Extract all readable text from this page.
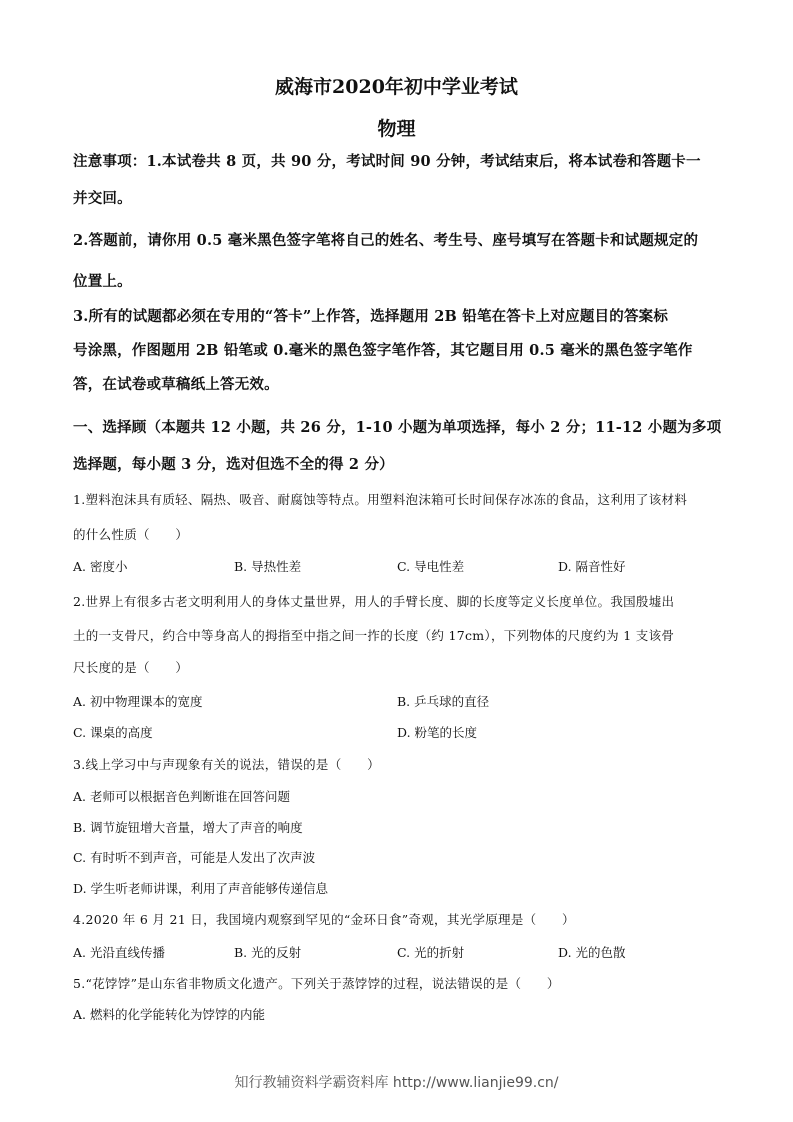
威海市2020年初中学业考试
物理
注意事项：1.本试卷共 8 页，共 90 分，考试时间 90 分钟，考试结束后，将本试卷和答题卡一
并交回。
2.答题前，请你用 0.5 毫米黑色签字笔将自己的姓名、考生号、座号填写在答题卡和试题规定的
位置上。
3.所有的试题都必须在专用的“答卡”上作答，选择题用 2B 铅笔在答卡上对应题目的答案标
号涂黑，作图题用 2B 铅笔或 0.毫米的黑色签字笔作答，其它题目用 0.5 毫米的黑色签字笔作
答，在试卷或草稿纸上答无效。
一、选择顾（本题共 12 小题，共 26 分，1-10 小题为单项选择，每小 2 分；11-12 小题为多项
选择题，每小题 3 分，选对但选不全的得 2 分）
1.塑料泡沫具有质轻、隔热、吸音、耐腐蚀等特点。用塑料泡沫箱可长时间保存冰冻的食品，这利用了该材料
的什么性质（　　）
A. 密度小	B. 导热性差	C. 导电性差	D. 隔音性好
2.世界上有很多古老文明利用人的身体丈量世界，用人的手臂长度、脚的长度等定义长度单位。我国殷墟出
土的一支骨尺，约合中等身高人的拇指至中指之间一拃的长度（约 17cm），下列物体的尺度约为 1 支该骨
尺长度的是（　　）
A. 初中物理课本的宽度	B. 乒乓球的直径
C. 课桌的高度	D. 粉笔的长度
3.线上学习中与声现象有关的说法，错误的是（　　）
A. 老师可以根据音色判断谁在回答问题
B. 调节旋钮增大音量，增大了声音的响度
C. 有时听不到声音，可能是人发出了次声波
D. 学生听老师讲课，利用了声音能够传递信息
4.2020 年 6 月 21 日，我国境内观察到罕见的“金环日食”奇观，其光学原理是（　　）
A. 光沿直线传播	B. 光的反射	C. 光的折射	D. 光的色散
5.“花饽饽”是山东省非物质文化遗产。下列关于蒸饽饽的过程，说法错误的是（　　）
A. 燃料的化学能转化为饽饽的内能
知行教辅资料学霸资料库 http://www.lianjie99.cn/
